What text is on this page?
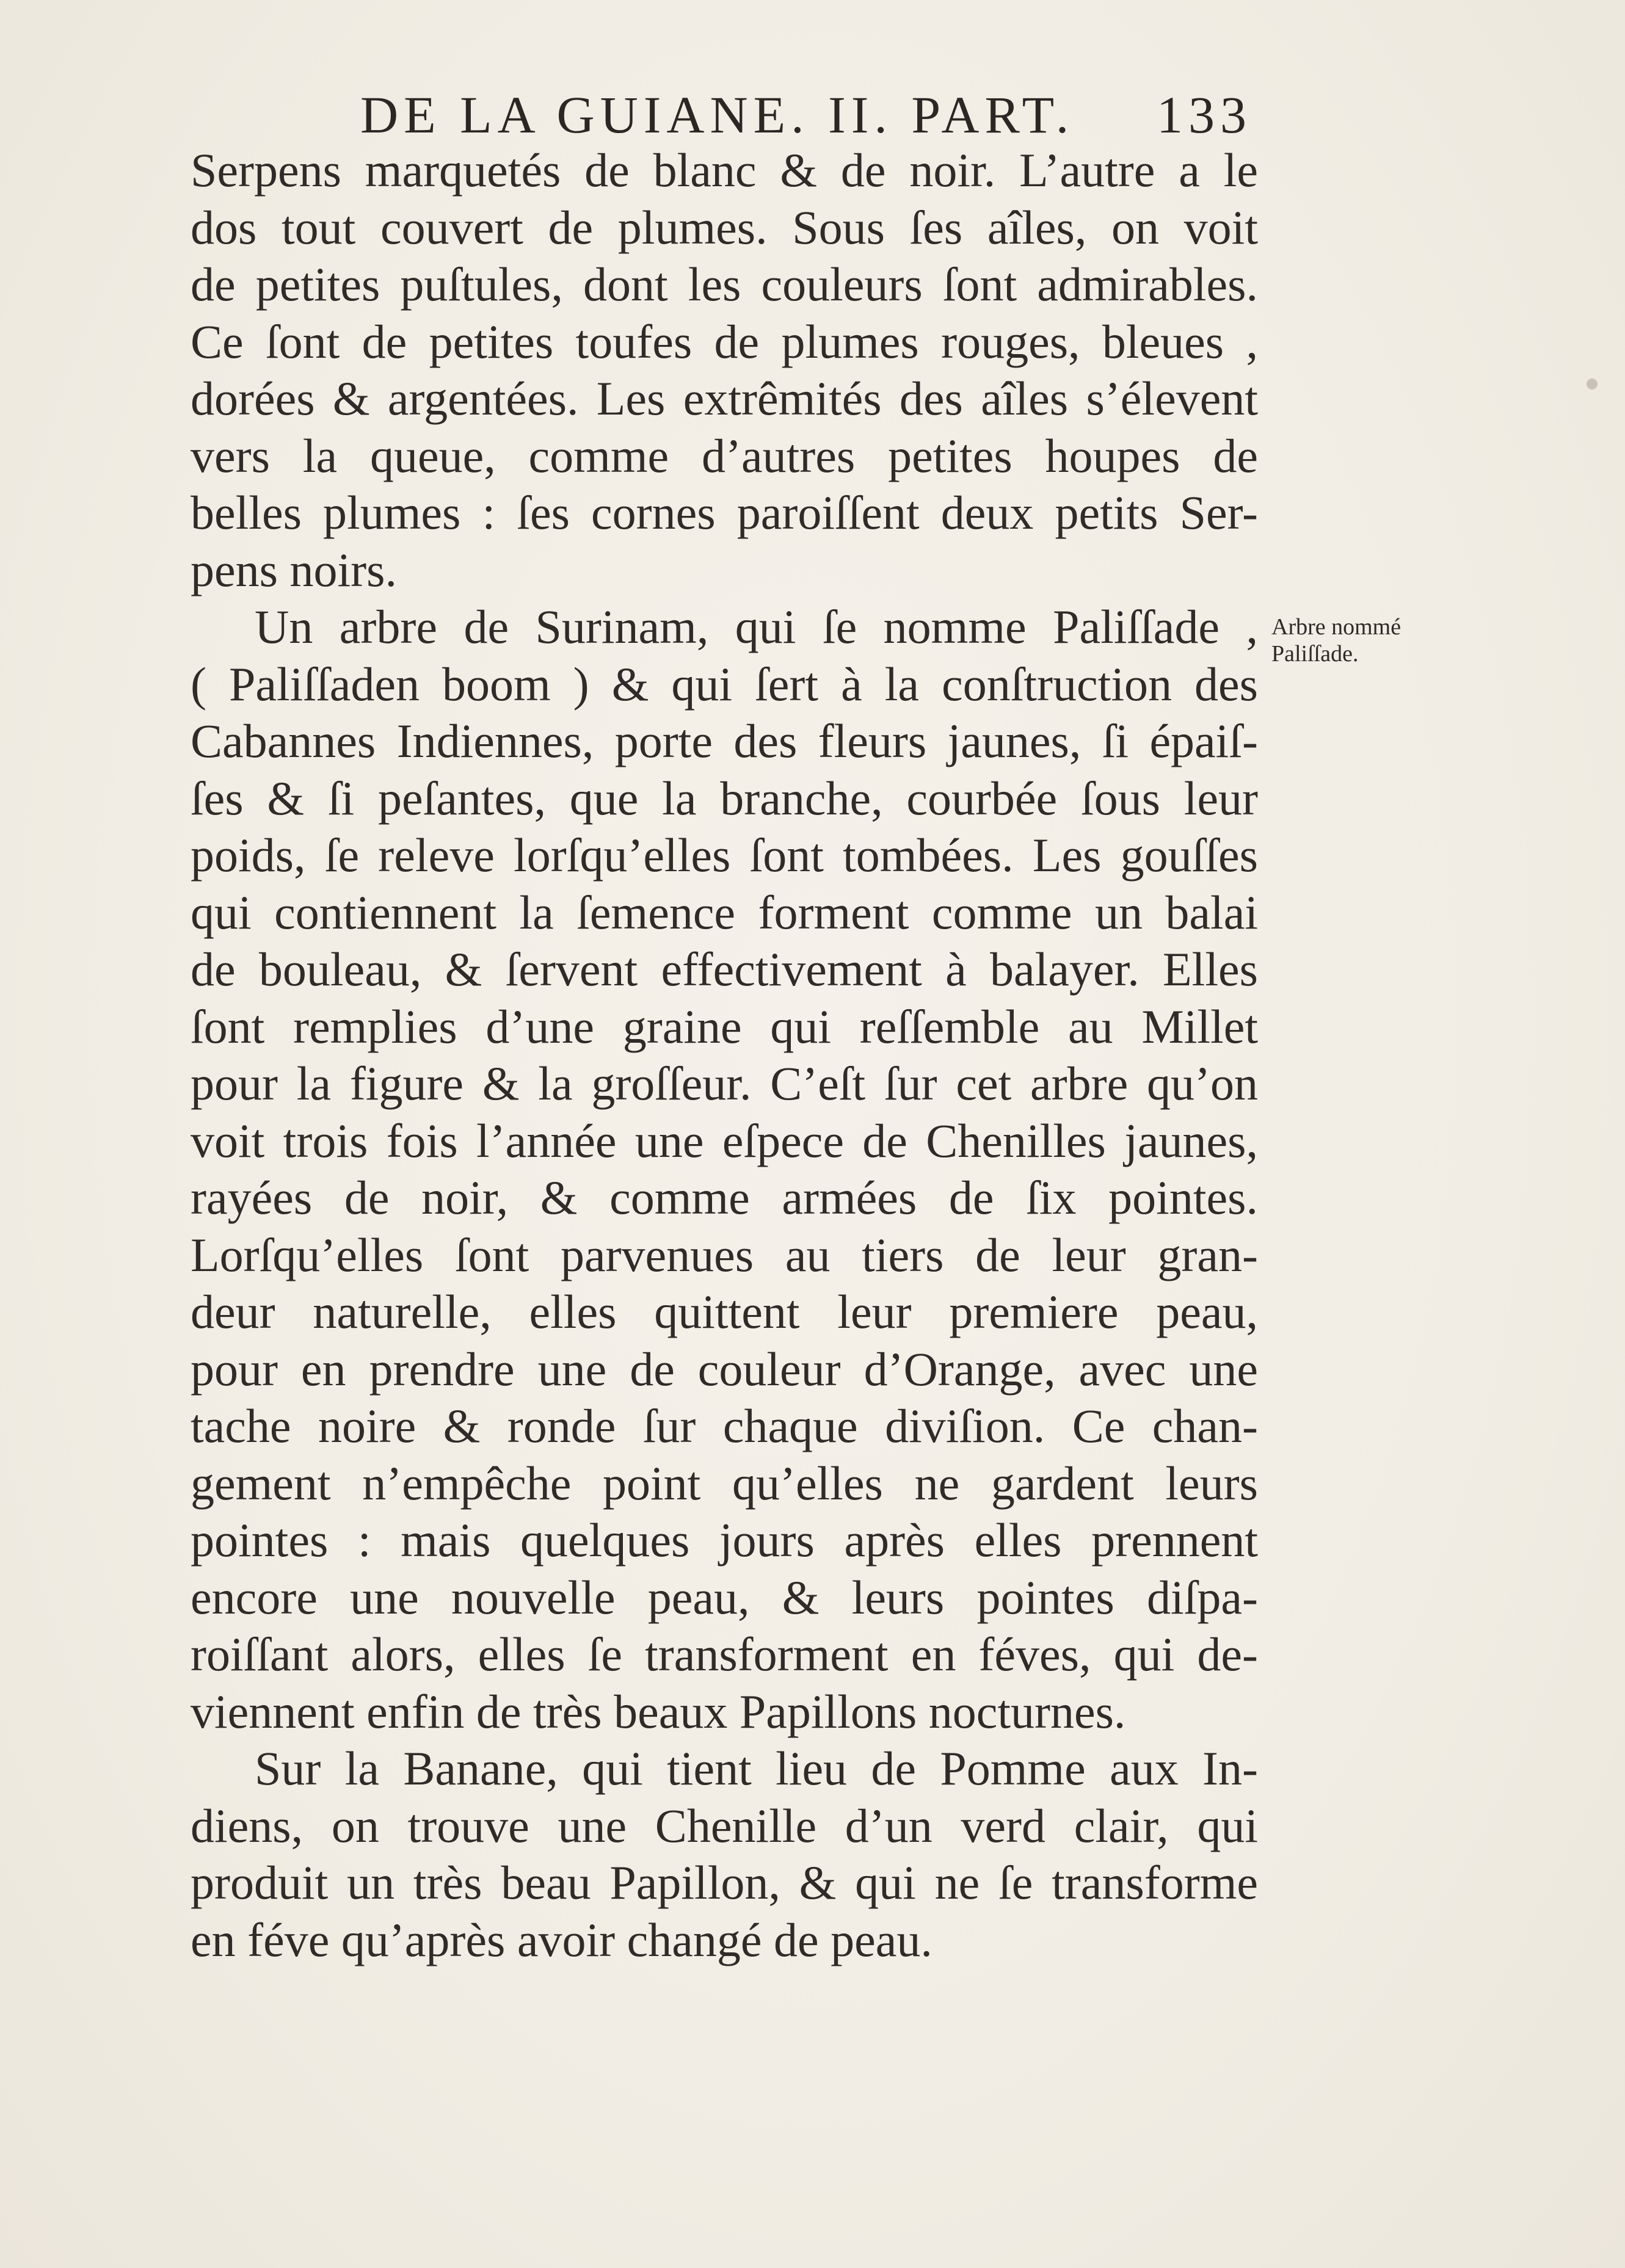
DE LA GUIANE. II. PART. 133
Serpens marquetés de blanc & de noir. L’autre a le
dos tout couvert de plumes. Sous ſes aîles, on voit
de petites puſtules, dont les couleurs ſont admirables.
Ce ſont de petites toufes de plumes rouges, bleues ,
dorées & argentées. Les extrêmités des aîles s’élevent
vers la queue, comme d’autres petites houpes de
belles plumes : ſes cornes paroiſſent deux petits Ser-
pens noirs.
Un arbre de Surinam, qui ſe nomme Paliſſade ,
( Paliſſaden boom ) & qui ſert à la conſtruction des
Cabannes Indiennes, porte des fleurs jaunes, ſi épaiſ-
ſes & ſi peſantes, que la branche, courbée ſous leur
poids, ſe releve lorſqu’elles ſont tombées. Les gouſſes
qui contiennent la ſemence forment comme un balai
de bouleau, & ſervent effectivement à balayer. Elles
ſont remplies d’une graine qui reſſemble au Millet
pour la figure & la groſſeur. C’eſt ſur cet arbre qu’on
voit trois fois l’année une eſpece de Chenilles jaunes,
rayées de noir, & comme armées de ſix pointes.
Lorſqu’elles ſont parvenues au tiers de leur gran-
deur naturelle, elles quittent leur premiere peau,
pour en prendre une de couleur d’Orange, avec une
tache noire & ronde ſur chaque diviſion. Ce chan-
gement n’empêche point qu’elles ne gardent leurs
pointes : mais quelques jours après elles prennent
encore une nouvelle peau, & leurs pointes diſpa-
roiſſant alors, elles ſe transforment en féves, qui de-
viennent enfin de très beaux Papillons nocturnes.
Sur la Banane, qui tient lieu de Pomme aux In-
diens, on trouve une Chenille d’un verd clair, qui
produit un très beau Papillon, & qui ne ſe transforme
en féve qu’après avoir changé de peau.
Arbre nommé
Paliſſade.
